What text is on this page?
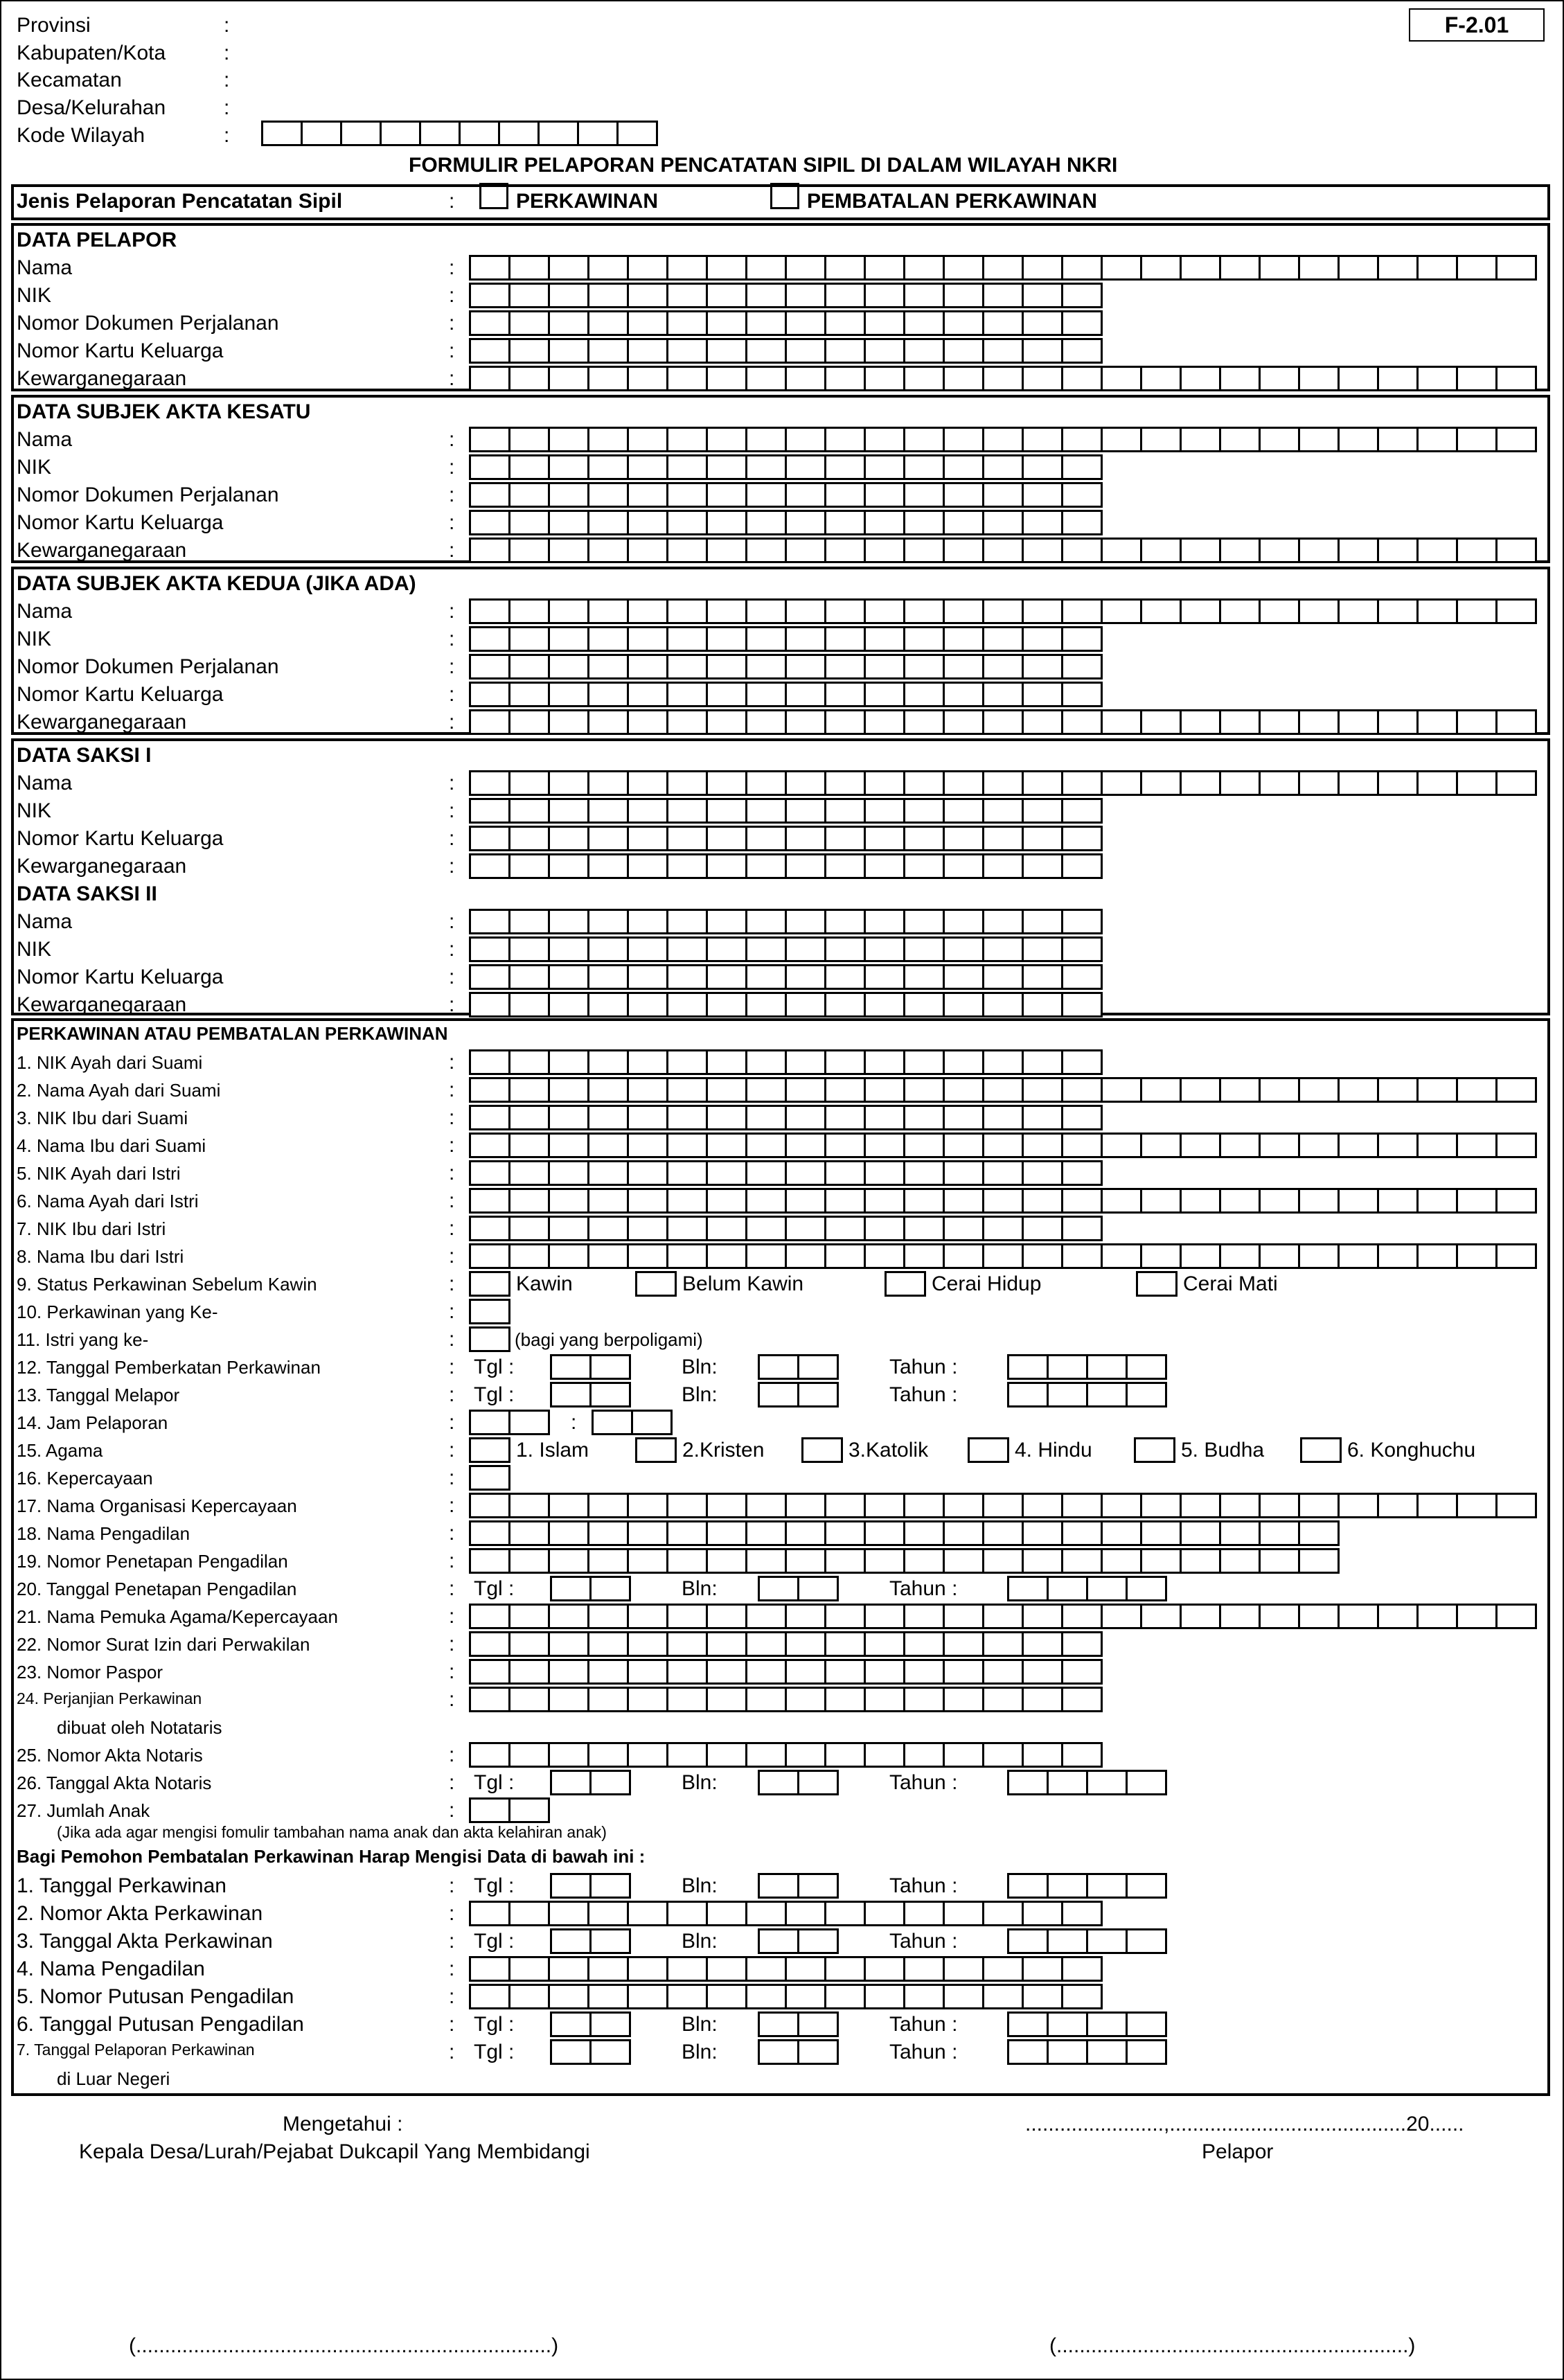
F-2.01
Provinsi	:
Kabupaten/Kota	:
Kecamatan	:
Desa/Kelurahan	:
Kode Wilayah	:
FORMULIR PELAPORAN PENCATATAN SIPIL DI DALAM WILAYAH NKRI
Jenis Pelaporan Pencatatan Sipil	:	PERKAWINAN	PEMBATALAN PERKAWINAN
DATA PELAPOR
Nama	:
NIK	:
Nomor Dokumen Perjalanan	:
Nomor Kartu Keluarga	:
Kewarganegaraan	:
DATA SUBJEK AKTA KESATU
Nama	:
NIK	:
Nomor Dokumen Perjalanan	:
Nomor Kartu Keluarga	:
Kewarganegaraan	:
DATA SUBJEK AKTA KEDUA (JIKA ADA)
Nama	:
NIK	:
Nomor Dokumen Perjalanan	:
Nomor Kartu Keluarga	:
Kewarganegaraan	:
DATA SAKSI I
Nama	:
NIK	:
Nomor Kartu Keluarga	:
Kewarganegaraan	:
DATA SAKSI II
Nama	:
NIK	:
Nomor Kartu Keluarga	:
Kewarganegaraan	:
PERKAWINAN ATAU PEMBATALAN PERKAWINAN
1. NIK Ayah dari Suami	:
2. Nama Ayah dari Suami	:
3. NIK Ibu dari Suami	:
4. Nama Ibu dari Suami	:
5. NIK Ayah dari Istri	:
6. Nama Ayah dari Istri	:
7. NIK Ibu dari Istri	:
8. Nama Ibu dari Istri	:
9. Status Perkawinan Sebelum Kawin	:	Kawin	Belum Kawin	Cerai Hidup	Cerai Mati
10. Perkawinan yang Ke-	:
11. Istri yang ke-	:	(bagi yang berpoligami)
12. Tanggal Pemberkatan Perkawinan	: Tgl :	Bln:	Tahun :
13. Tanggal Melapor	: Tgl :	Bln:	Tahun :
14. Jam Pelaporan	:	:
15. Agama	:	1. Islam	2.Kristen	3.Katolik	4. Hindu	5. Budha	6. Konghuchu
16. Kepercayaan	:
17. Nama Organisasi Kepercayaan	:
18. Nama Pengadilan	:
19. Nomor Penetapan Pengadilan	:
20. Tanggal Penetapan Pengadilan	: Tgl :	Bln:	Tahun :
21. Nama Pemuka Agama/Kepercayaan	:
22. Nomor Surat Izin dari Perwakilan	:
23. Nomor Paspor	:
24. Perjanjian Perkawinan	:
dibuat oleh Notataris
25. Nomor Akta Notaris	:
26. Tanggal Akta Notaris	: Tgl :	Bln:	Tahun :
27. Jumlah Anak	:
(Jika ada agar mengisi fomulir tambahan nama anak dan akta kelahiran anak)
Bagi Pemohon Pembatalan Perkawinan Harap Mengisi Data di bawah ini :
1. Tanggal Perkawinan	: Tgl :	Bln:	Tahun :
2. Nomor Akta Perkawinan	:
3. Tanggal Akta Perkawinan	: Tgl :	Bln:	Tahun :
4. Nama Pengadilan	:
5. Nomor Putusan Pengadilan	:
6. Tanggal Putusan Pengadilan	: Tgl :	Bln:	Tahun :
7. Tanggal Pelaporan Perkawinan	: Tgl :	Bln:	Tahun :
di Luar Negeri
Mengetahui :
Kepala Desa/Lurah/Pejabat Dukcapil Yang Membidangi
........................,.........................................20......
Pelapor
(........................................................................)	(.............................................................)
